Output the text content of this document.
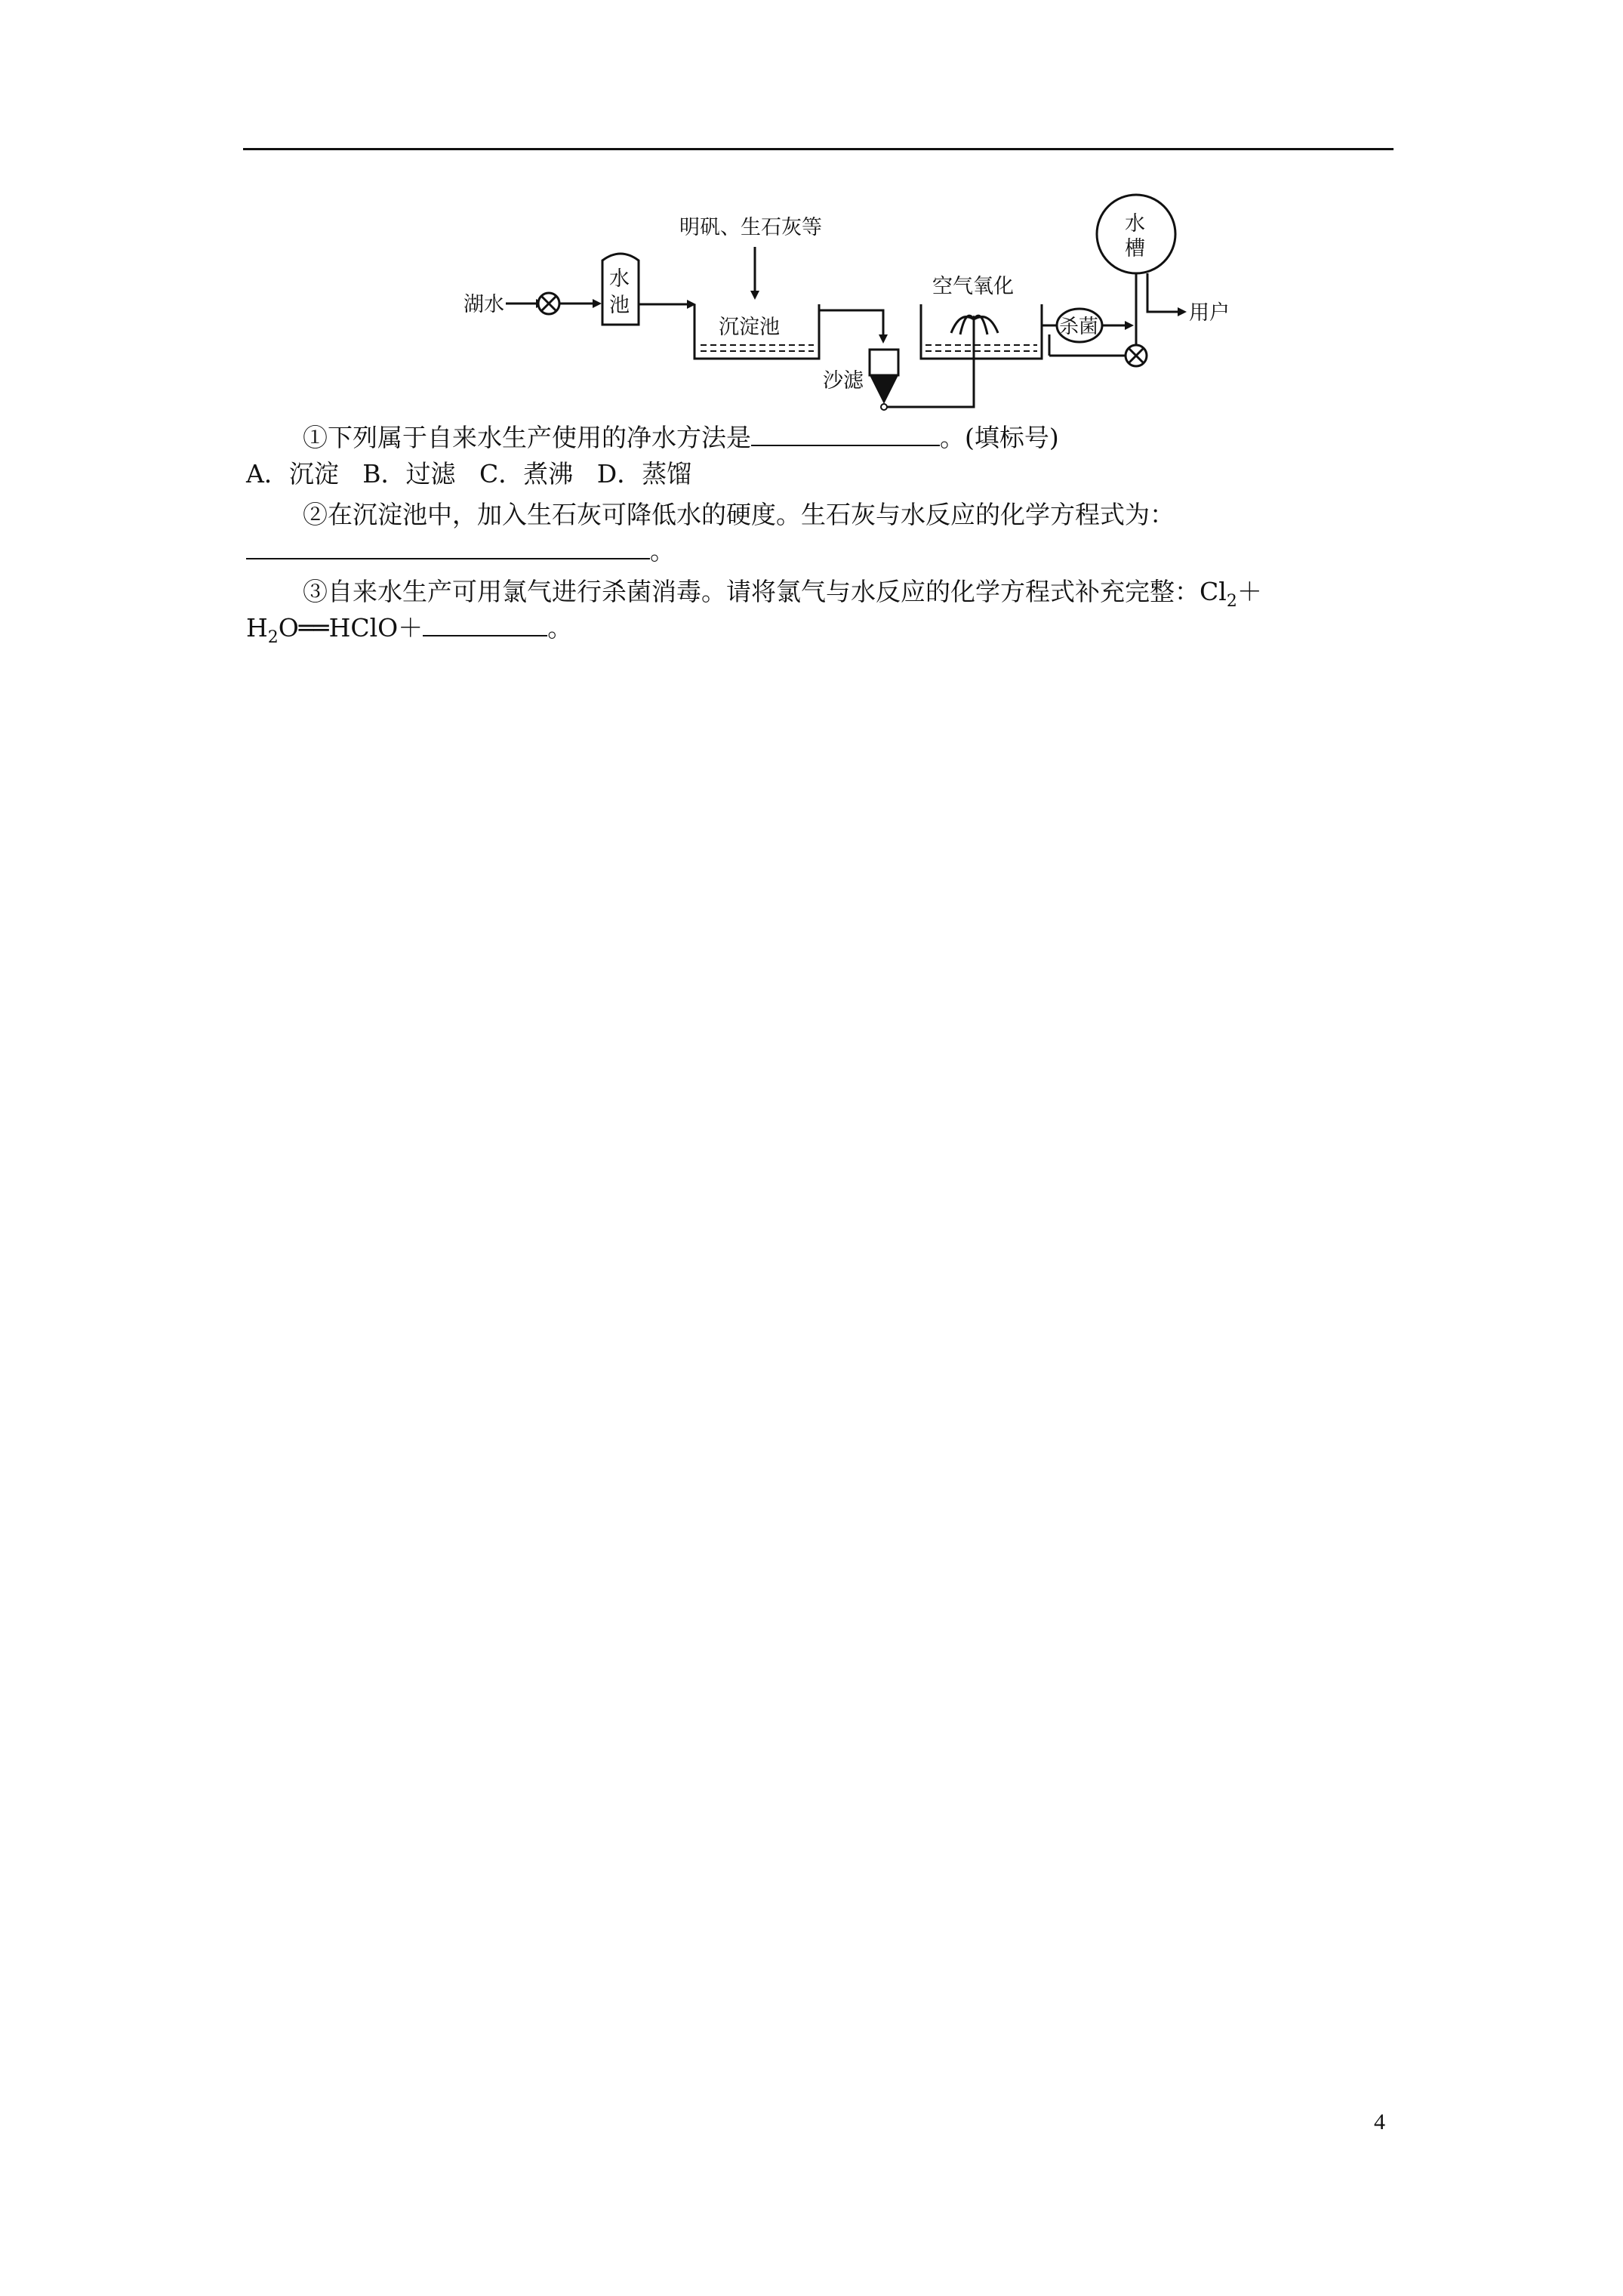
湖水
水
池
明矾、生石灰等
沉淀池
沙滤
空气氧化
杀菌
水
槽
用户
①下列属于自来水生产使用的净水方法是	。(填标号)
A．沉淀   B．过滤   C．煮沸   D．蒸馏
②在沉淀池中，加入生石灰可降低水的硬度。生石灰与水反应的化学方程式为：
。
③自来水生产可用氯气进行杀菌消毒。请将氯气与水反应的化学方程式补充完整：$Cl_2+$
$H_2O══HClO+$	。
4
